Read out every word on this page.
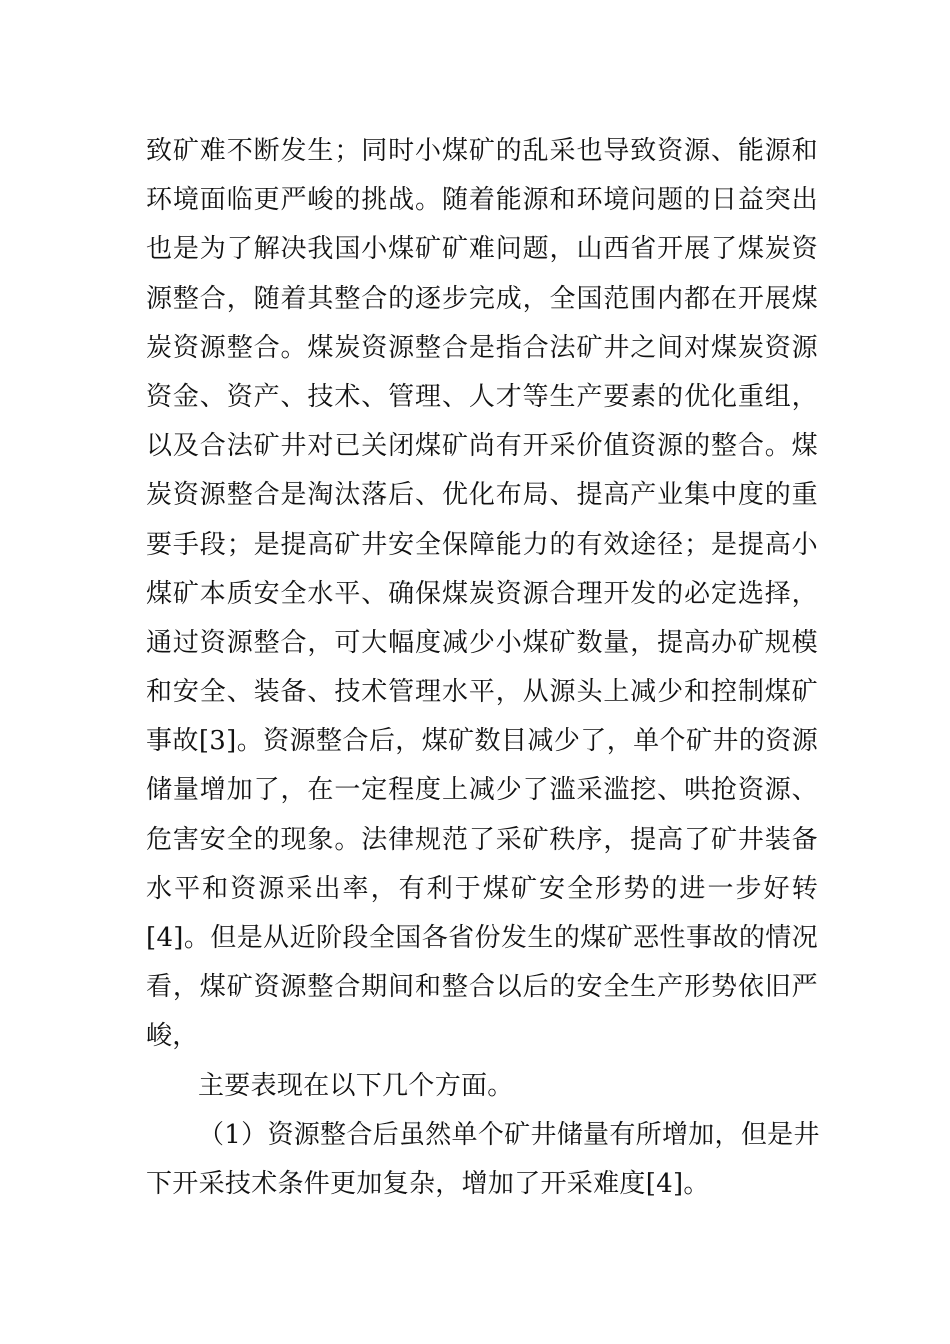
致矿难不断发生；同时小煤矿的乱采也导致资源、能源和
环境面临更严峻的挑战。随着能源和环境问题的日益突出
也是为了解决我国小煤矿矿难问题，山西省开展了煤炭资
源整合，随着其整合的逐步完成，全国范围内都在开展煤
炭资源整合。煤炭资源整合是指合法矿井之间对煤炭资源
资金、资产、技术、管理、人才等生产要素的优化重组，
以及合法矿井对已关闭煤矿尚有开采价值资源的整合。煤
炭资源整合是淘汰落后、优化布局、提高产业集中度的重
要手段；是提高矿井安全保障能力的有效途径；是提高小
煤矿本质安全水平、确保煤炭资源合理开发的必定选择，
通过资源整合，可大幅度减少小煤矿数量，提高办矿规模
和安全、装备、技术管理水平，从源头上减少和控制煤矿
事故[3]。资源整合后，煤矿数目减少了，单个矿井的资源
储量增加了，在一定程度上减少了滥采滥挖、哄抢资源、
危害安全的现象。法律规范了采矿秩序，提高了矿井装备
水平和资源采出率，有利于煤矿安全形势的进一步好转
[4]。但是从近阶段全国各省份发生的煤矿恶性事故的情况
看，煤矿资源整合期间和整合以后的安全生产形势依旧严
峻，
主要表现在以下几个方面。
（1）资源整合后虽然单个矿井储量有所增加，但是井
下开采技术条件更加复杂，增加了开采难度[4]。
